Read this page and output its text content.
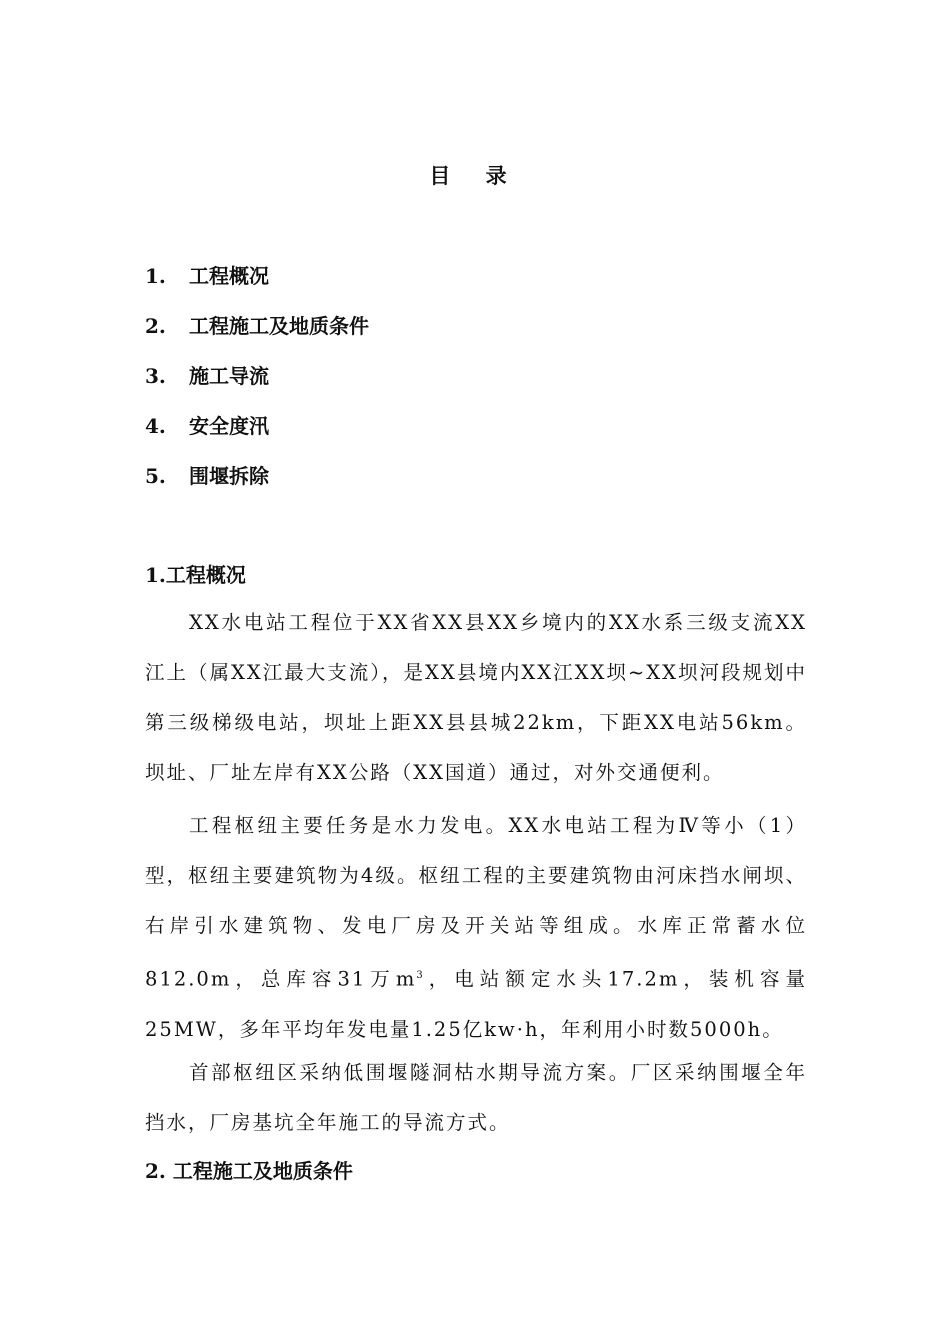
目 录
1. 工程概况
2. 工程施工及地质条件
3. 施工导流
4. 安全度汛
5. 围堰拆除
1.工程概况

XX水电站工程位于XX省XX县XX乡境内的XX水系三级支流XX江上（属XX江最大支流），是XX县境内XX江XX坝~XX坝河段规划中第三级梯级电站，坝址上距XX县县城22km，下距XX电站56km。坝址、厂址左岸有XX公路（XX国道）通过，对外交通便利。

工程枢纽主要任务是水力发电。XX水电站工程为Ⅳ等小（1）型，枢纽主要建筑物为4级。枢纽工程的主要建筑物由河床挡水闸坝、右岸引水建筑物、发电厂房及开关站等组成。水库正常蓄水位812.0m，总库容31万$m^3$，电站额定水头17.2m，装机容量25MW，多年平均年发电量1.25亿kw·h，年利用小时数5000h。

首部枢纽区采纳低围堰隧洞枯水期导流方案。厂区采纳围堰全年挡水，厂房基坑全年施工的导流方式。

2. 工程施工及地质条件
